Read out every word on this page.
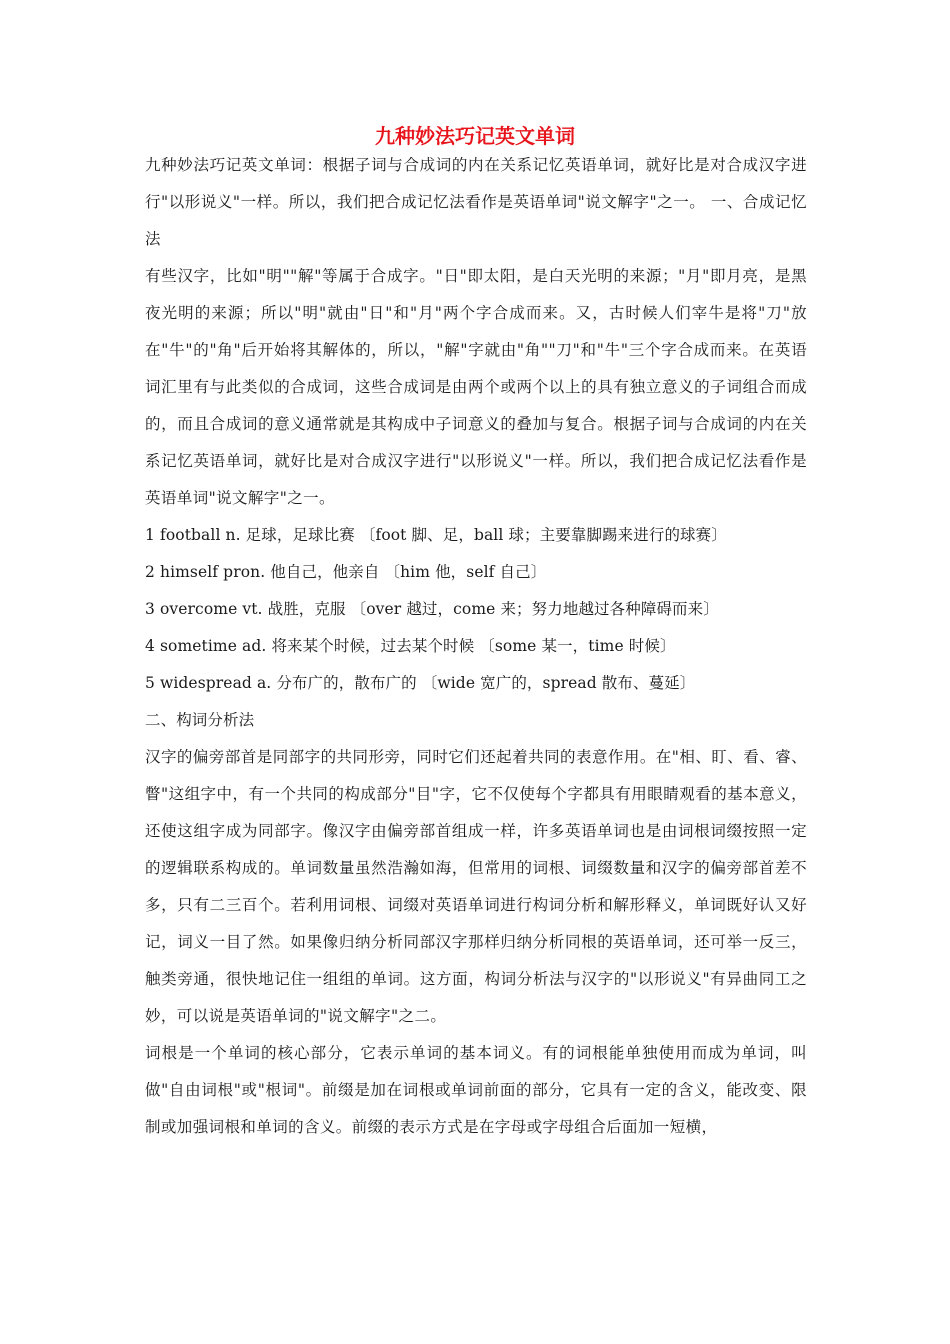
九种妙法巧记英文单词

九种妙法巧记英文单词：根据子词与合成词的内在关系记忆英语单词，就好比是对合成汉字进行"以形说义"一样。所以，我们把合成记忆法看作是英语单词"说文解字"之一。 一、合成记忆法

有些汉字，比如"明""解"等属于合成字。"日"即太阳，是白天光明的来源；"月"即月亮，是黑夜光明的来源；所以"明"就由"日"和"月"两个字合成而来。又，古时候人们宰牛是将"刀"放在"牛"的"角"后开始将其解体的，所以，"解"字就由"角""刀"和"牛"三个字合成而来。在英语词汇里有与此类似的合成词，这些合成词是由两个或两个以上的具有独立意义的子词组合而成的，而且合成词的意义通常就是其构成中子词意义的叠加与复合。根据子词与合成词的内在关系记忆英语单词，就好比是对合成汉字进行"以形说义"一样。所以，我们把合成记忆法看作是英语单词"说文解字"之一。

1 football n. 足球，足球比赛 〔foot 脚、足，ball 球；主要靠脚踢来进行的球赛〕

2 himself pron. 他自己，他亲自 〔him 他，self 自己〕

3 overcome vt. 战胜，克服 〔over 越过，come 来；努力地越过各种障碍而来〕

4 sometime ad. 将来某个时候，过去某个时候 〔some 某一，time 时候〕

5 widespread a. 分布广的，散布广的 〔wide 宽广的，spread 散布、蔓延〕

二、构词分析法

汉字的偏旁部首是同部字的共同形旁，同时它们还起着共同的表意作用。在"相、盯、看、睿、瞥"这组字中，有一个共同的构成部分"目"字，它不仅使每个字都具有用眼睛观看的基本意义，还使这组字成为同部字。像汉字由偏旁部首组成一样，许多英语单词也是由词根词缀按照一定的逻辑联系构成的。单词数量虽然浩瀚如海，但常用的词根、词缀数量和汉字的偏旁部首差不多，只有二三百个。若利用词根、词缀对英语单词进行构词分析和解形释义，单词既好认又好记，词义一目了然。如果像归纳分析同部汉字那样归纳分析同根的英语单词，还可举一反三，触类旁通，很快地记住一组组的单词。这方面，构词分析法与汉字的"以形说义"有异曲同工之妙，可以说是英语单词的"说文解字"之二。

词根是一个单词的核心部分，它表示单词的基本词义。有的词根能单独使用而成为单词，叫做"自由词根"或"根词"。前缀是加在词根或单词前面的部分，它具有一定的含义，能改变、限制或加强词根和单词的含义。前缀的表示方式是在字母或字母组合后面加一短横，
